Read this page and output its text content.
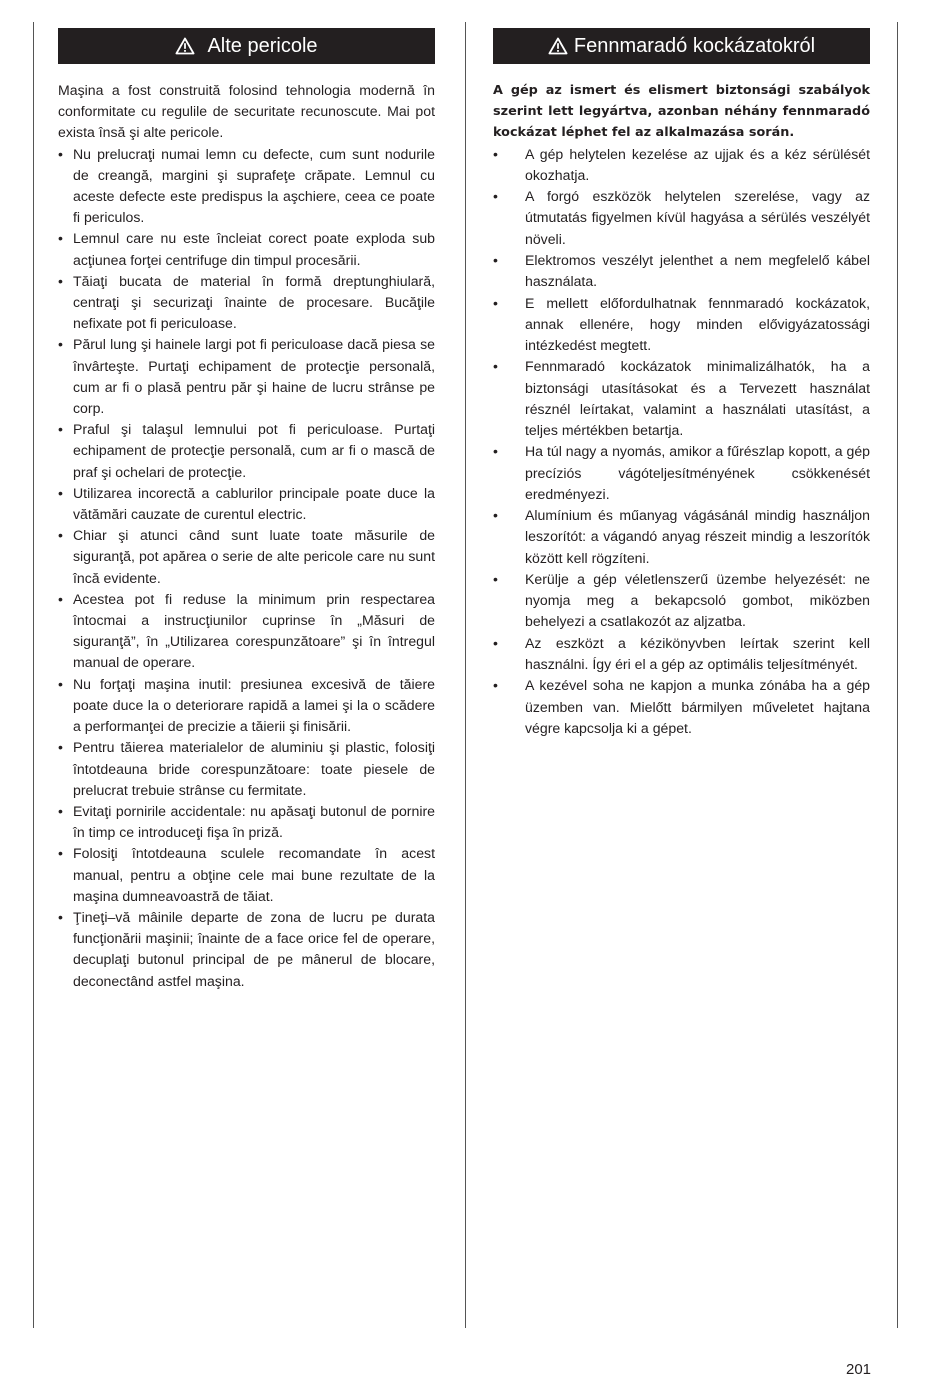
Alte pericole

Maşina a fost construită folosind tehnologia modernă în conformitate cu regulile de securitate recunoscute. Mai pot exista însă şi alte pericole.

• Nu prelucraţi numai lemn cu defecte, cum sunt nodurile de creangă, margini şi suprafeţe crăpate. Lemnul cu aceste defecte este predispus la aşchiere, ceea ce poate fi periculos.
• Lemnul care nu este încleiat corect poate exploda sub acţiunea forţei centrifuge din timpul procesării.
• Tăiaţi bucata de material în formă dreptunghiulară, centraţi şi securizaţi înainte de procesare. Bucăţile nefixate pot fi periculoase.
• Părul lung şi hainele largi pot fi periculoase dacă piesa se învârteşte. Purtaţi echipament de protecţie personală, cum ar fi o plasă pentru păr şi haine de lucru strânse pe corp.
• Praful şi talaşul lemnului pot fi periculoase. Purtaţi echipament de protecţie personală, cum ar fi o mască de praf şi ochelari de protecţie.
• Utilizarea incorectă a cablurilor principale poate duce la vătămări cauzate de curentul electric.
• Chiar şi atunci când sunt luate toate măsurile de siguranţă, pot apărea o serie de alte pericole care nu sunt încă evidente.
• Acestea pot fi reduse la minimum prin respectarea întocmai a instrucţiunilor cuprinse în „Măsuri de siguranţă”, în „Utilizarea corespunzătoare” şi în întregul manual de operare.
• Nu forţaţi maşina inutil: presiunea excesivă de tăiere poate duce la o deteriorare rapidă a lamei şi la o scădere a performanţei de precizie a tăierii şi finisării.
• Pentru tăierea materialelor de aluminiu şi plastic, folosiţi întotdeauna bride corespunzătoare: toate piesele de prelucrat trebuie strânse cu fermitate.
• Evitaţi pornirile accidentale: nu apăsaţi butonul de pornire în timp ce introduceţi fişa în priză.
• Folosiţi întotdeauna sculele recomandate în acest manual, pentru a obţine cele mai bune rezultate de la maşina dumneavoastră de tăiat.
• Ţineţi–vă mâinile departe de zona de lucru pe durata funcţionării maşinii; înainte de a face orice fel de operare, decuplaţi butonul principal de pe mânerul de blocare, deconectând astfel maşina.
Fennmaradó kockázatokról

A gép az ismert és elismert biztonsági szabályok szerint lett legyártva, azonban néhány fennmaradó kockázat léphet fel az alkalmazása során.

• A gép helytelen kezelése az ujjak és a kéz sérülését okozhatja.
• A forgó eszközök helytelen szerelése, vagy az útmutatás figyelmen kívül hagyása a sérülés veszélyét növeli.
• Elektromos veszélyt jelenthet a nem megfelelő kábel használata.
• E mellett előfordulhatnak fennmaradó kockázatok, annak ellenére, hogy minden elővigyázatossági intézkedést megtett.
• Fennmaradó kockázatok minimalizálhatók, ha a biztonsági utasításokat és a Tervezett használat résznél leírtakat, valamint a használati utasítást, a teljes mértékben betartja.
• Ha túl nagy a nyomás, amikor a fűrészlap kopott, a gép precíziós vágóteljesítményének csökkenését eredményezi.
• Alumínium és műanyag vágásánál mindig használjon leszorítót: a vágandó anyag részeit mindig a leszorítók között kell rögzíteni.
• Kerülje a gép véletlenszerű üzembe helyezését: ne nyomja meg a bekapcsoló gombot, miközben behelyezi a csatlakozót az aljzatba.
• Az eszközt a kézikönyvben leírtak szerint kell használni. Így éri el a gép az optimális teljesítményét.
• A kezével soha ne kapjon a munka zónába ha a gép üzemben van. Mielőtt bármilyen műveletet hajtana végre kapcsolja ki a gépet.
201
